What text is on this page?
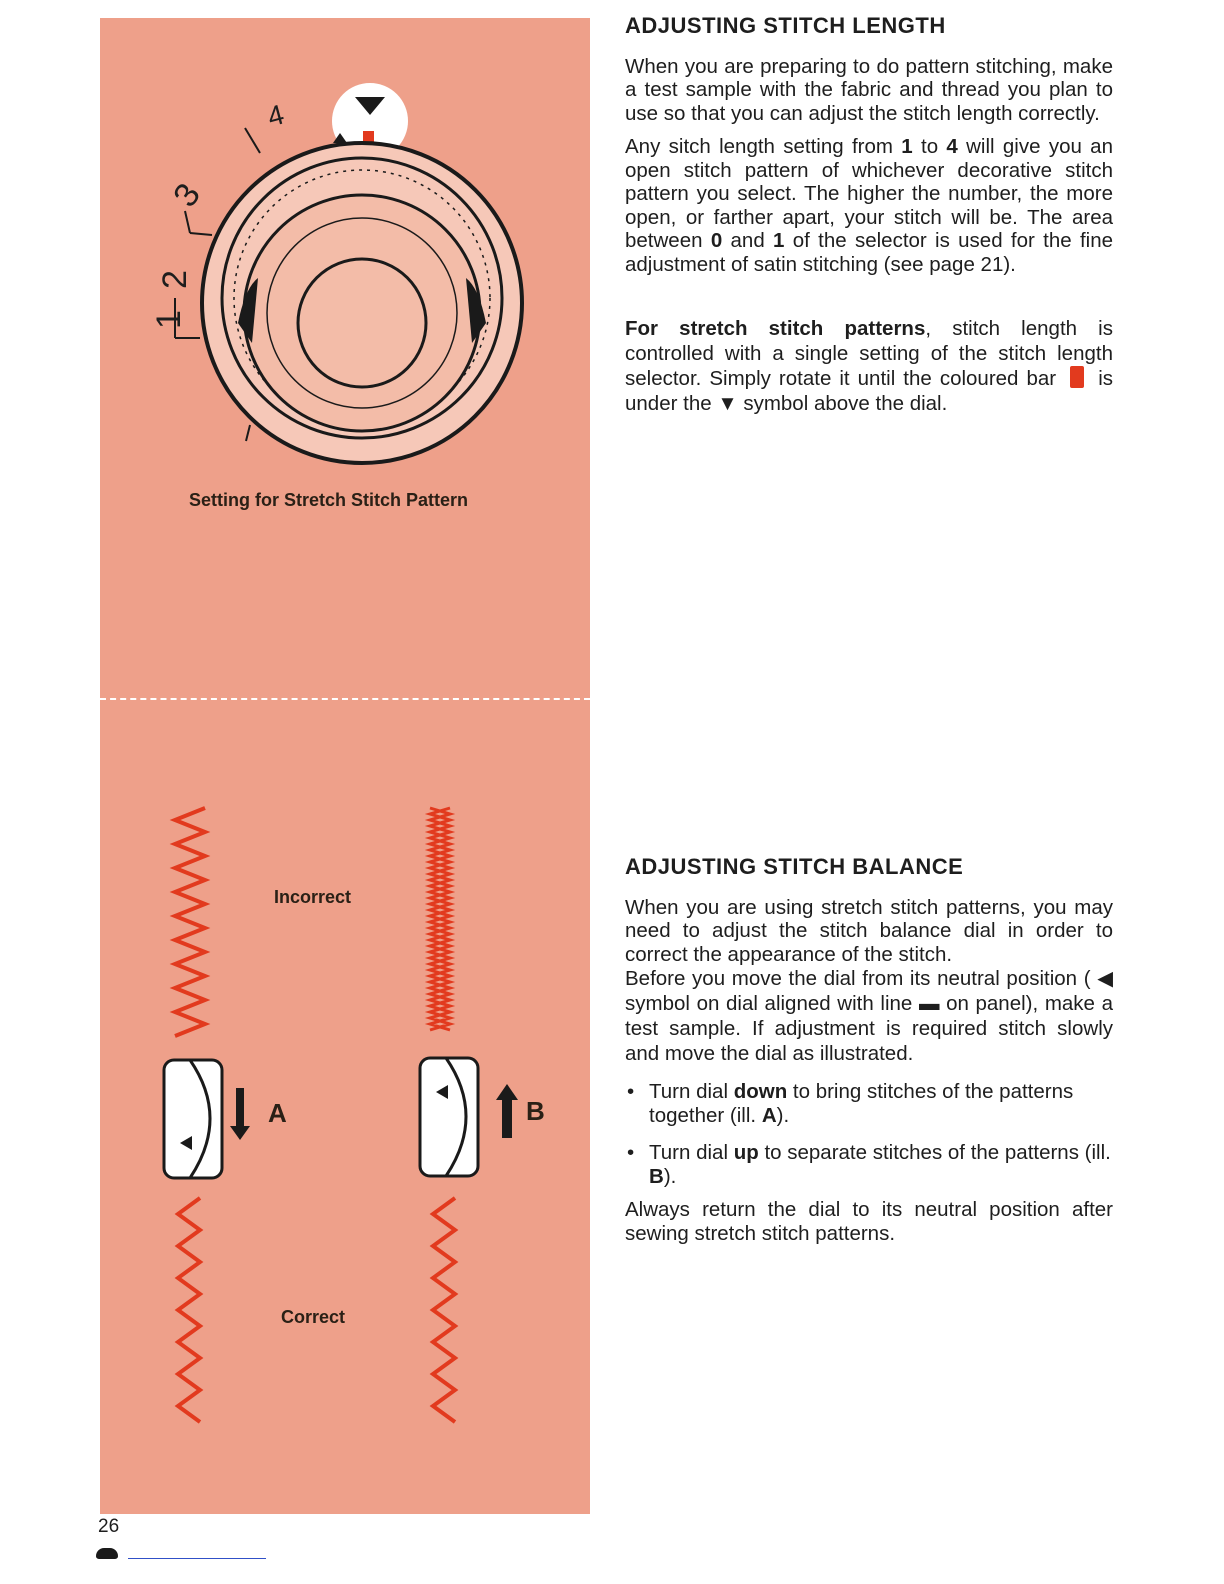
1
2
3
4
Setting for Stretch Stitch Pattern
Incorrect
Correct
A	B
ADJUSTING STITCH LENGTH

When you are preparing to do pattern stitching, make a test sample with the fabric and thread you plan to use so that you can adjust the stitch length correctly.

Any sitch length setting from 1 to 4 will give you an open stitch pattern of whichever decorative stitch pattern you select. The higher the number, the more open, or farther apart, your stitch will be. The area between 0 and 1 of the selector is used for the fine adjustment of satin stitching (see page 21).

For stretch stitch patterns, stitch length is controlled with a single setting of the stitch length selector. Simply rotate it until the coloured bar  is under the ▼ symbol above the dial.

ADJUSTING STITCH BALANCE

When you are using stretch stitch patterns, you may need to adjust the stitch balance dial in order to correct the appearance of the stitch.

Before you move the dial from its neutral position ( ◀ symbol on dial aligned with line ▬ on panel), make a test sample. If adjustment is required stitch slowly and move the dial as illustrated.

• Turn dial down to bring stitches of the patterns together (ill. A).

• Turn dial up to separate stitches of the patterns (ill. B).

Always return the dial to its neutral position after sewing stretch stitch patterns.

26
